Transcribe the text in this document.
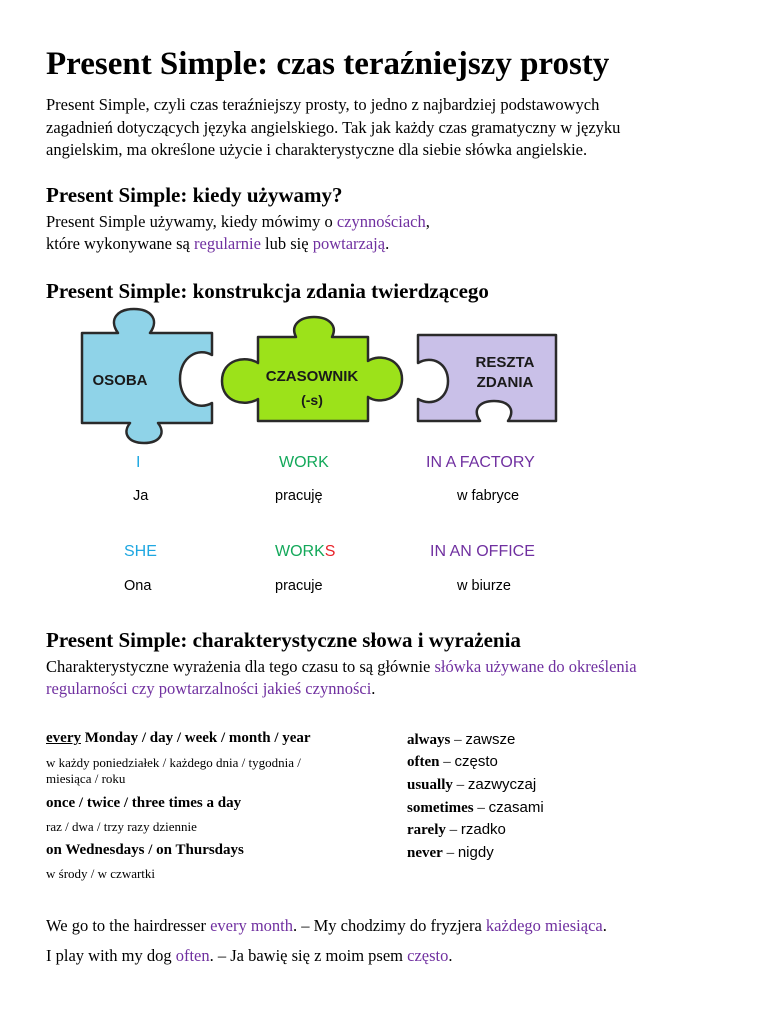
Present Simple: czas teraźniejszy prosty
Present Simple, czyli czas teraźniejszy prosty, to jedno z najbardziej podstawowych
zagadnień dotyczących języka angielskiego. Tak jak każdy czas gramatyczny w języku
angielskim, ma określone użycie i charakterystyczne dla siebie słówka angielskie.
Present Simple: kiedy używamy?
Present Simple używamy, kiedy mówimy o czynnościach,
które wykonywane są regularnie lub się powtarzają.
Present Simple: konstrukcja zdania twierdzącego
OSOBA	CZASOWNIK
(-s)
RESZTA
ZDANIA
I	WORK	IN A FACTORY
Ja	pracuję	w fabryce
SHE	WORKS	IN AN OFFICE
Ona	pracuje	w biurze
Present Simple: charakterystyczne słowa i wyrażenia
Charakterystyczne wyrażenia dla tego czasu to są głównie słówka używane do określenia
regularności czy powtarzalności jakieś czynności.
every Monday / day / week / month / year
w każdy poniedziałek / każdego dnia / tygodnia /
miesiąca / roku
once / twice / three times a day
raz / dwa / trzy razy dziennie
on Wednesdays / on Thursdays
w środy / w czwartki
always – zawsze
often – często
usually – zazwyczaj
sometimes – czasami
rarely – rzadko
never – nigdy
We go to the hairdresser every month. – My chodzimy do fryzjera każdego miesiąca.
I play with my dog often. – Ja bawię się z moim psem często.
